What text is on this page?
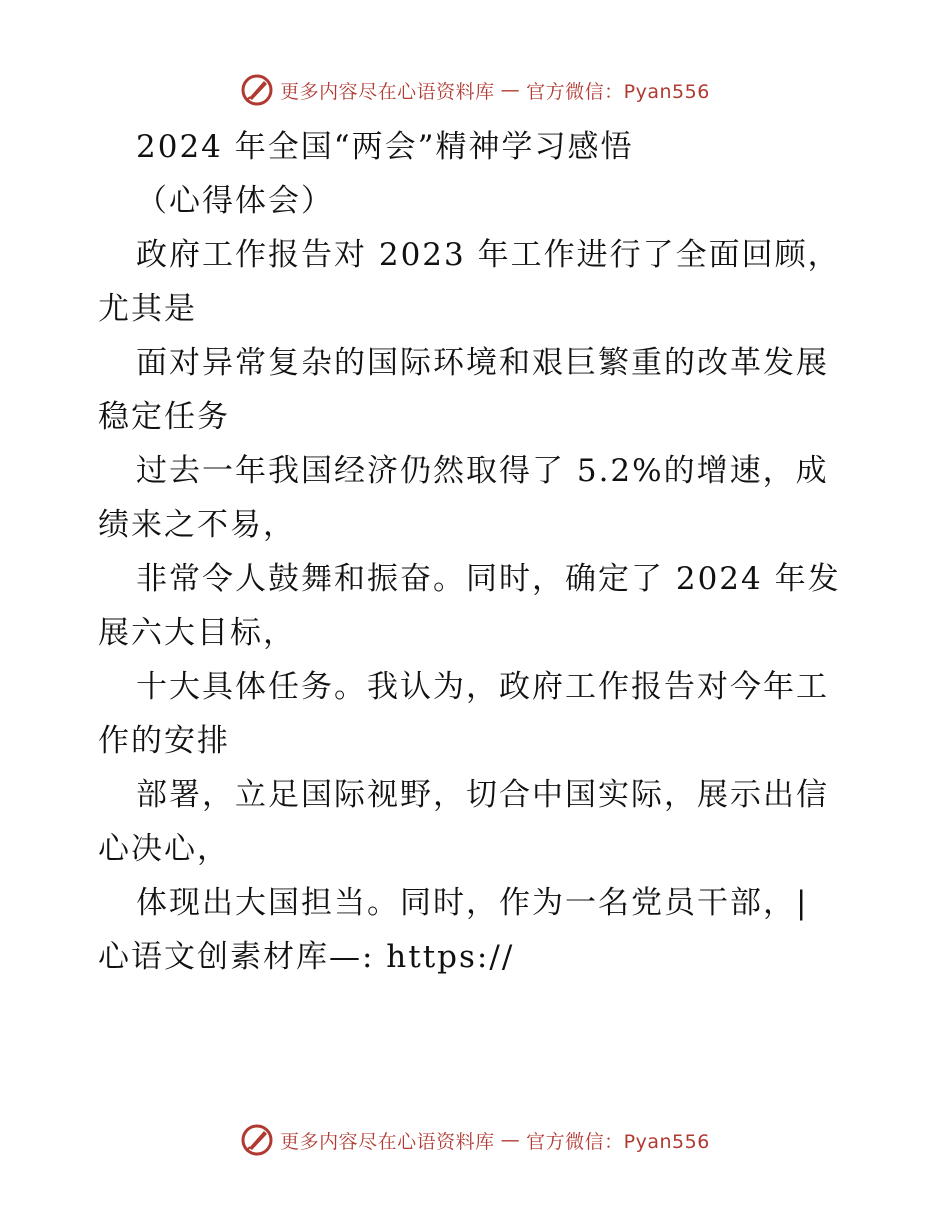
更多内容尽在心语资料库 — 官方微信：Pyan556
2024 年全国“两会”精神学习感悟
（心得体会）
政府工作报告对 2023 年工作进行了全面回顾，
尤其是
面对异常复杂的国际环境和艰巨繁重的改革发展
稳定任务
过去一年我国经济仍然取得了 5.2%的增速，成
绩来之不易，
非常令人鼓舞和振奋。同时，确定了 2024 年发
展六大目标，
十大具体任务。我认为，政府工作报告对今年工
作的安排
部署，立足国际视野，切合中国实际，展示出信
心决心，
体现出大国担当。同时，作为一名党员干部，|
心语文创素材库—: https://
更多内容尽在心语资料库 — 官方微信：Pyan556
